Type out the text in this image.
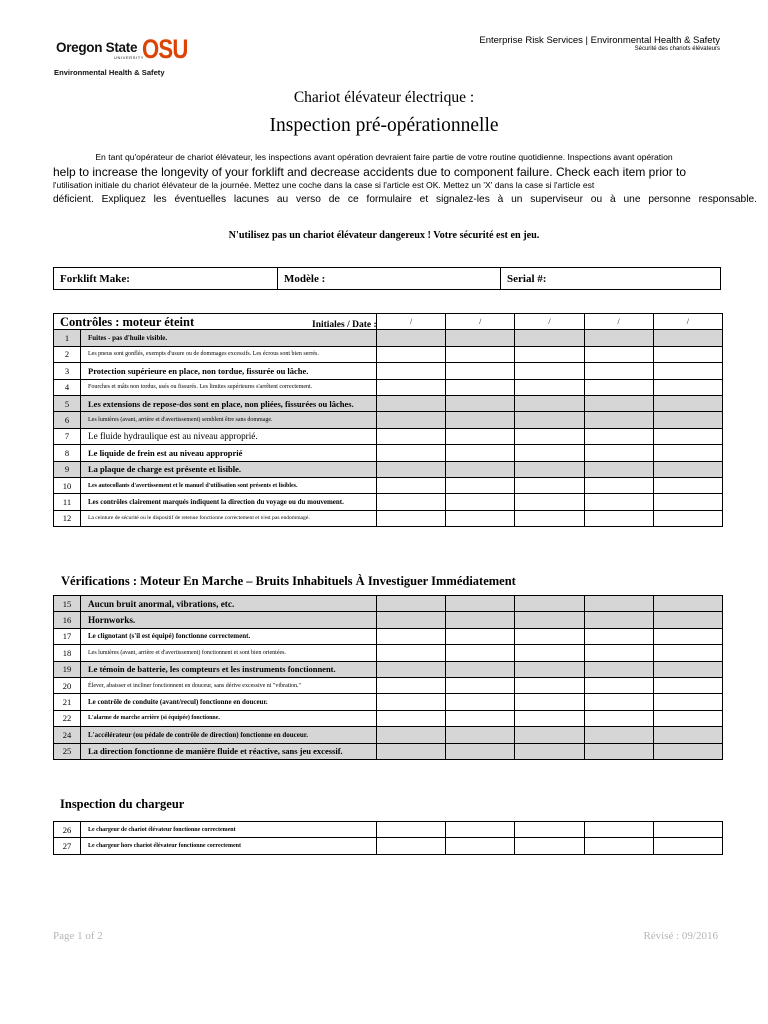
Oregon State
UNIVERSITY
OSU
Environmental Health & Safety
Enterprise Risk Services | Environmental Health & Safety
Sécurité des chariots élévateurs
Chariot élévateur électrique :
Inspection pré-opérationnelle
En tant qu'opérateur de chariot élévateur, les inspections avant opération devraient faire partie de votre routine quotidienne. Inspections avant opération
help to increase the longevity of your forklift and decrease accidents due to component failure. Check each item prior to
l'utilisation initiale du chariot élévateur de la journée. Mettez une coche dans la case si l'article est OK. Mettez un 'X' dans la case si l'article est
déficient. Expliquez les éventuelles lacunes au verso de ce formulaire et signalez-les à un superviseur ou à une personne responsable.
N'utilisez pas un chariot élévateur dangereux ! Votre sécurité est en jeu.
Forklift Make:	Modèle :	Serial #:
Contrôles : moteur éteint	Initiales / Date :
			/	/	/	/	/
1	Fuites - pas d'huile visible.					
2	Les pneus sont gonflés, exempts d'usure ou de dommages excessifs. Les écrous sont bien serrés.					
3	Protection supérieure en place, non tordue, fissurée ou lâche.					
4	Fourches et mâts non tordus, usés ou fissurés. Les limites supérieures s'arrêtent correctement.					
5	Les extensions de repose-dos sont en place, non pliées, fissurées ou lâches.					
6	Les lumières (avant, arrière et d'avertissement) semblent être sans dommage.					
7	Le fluide hydraulique est au niveau approprié.					
8	Le liquide de frein est au niveau approprié					
9	La plaque de charge est présente et lisible.					
10	Les autocollants d'avertissement et le manuel d'utilisation sont présents et lisibles.					
11	Les contrôles clairement marqués indiquent la direction du voyage ou du mouvement.					
12	La ceinture de sécurité ou le dispositif de retenue fonctionne correctement et n'est pas endommagé.					
Vérifications : Moteur En Marche – Bruits Inhabituels À Investiguer Immédiatement
15	Aucun bruit anormal, vibrations, etc.					
16	Hornworks.					
17	Le clignotant (s'il est équipé) fonctionne correctement.					
18	Les lumières (avant, arrière et d'avertissement) fonctionnent et sont bien orientées.					
19	Le témoin de batterie, les compteurs et les instruments fonctionnent.					
20	Élever, abaisser et incliner fonctionnent en douceur, sans dérive excessive ni "vibration."					
21	Le contrôle de conduite (avant/recul) fonctionne en douceur.					
22	L'alarme de marche arrière (si équipée) fonctionne.					
24	L'accélérateur (ou pédale de contrôle de direction) fonctionne en douceur.					
25	La direction fonctionne de manière fluide et réactive, sans jeu excessif.					
Inspection du chargeur
26	Le chargeur de chariot élévateur fonctionne correctement					
27	Le chargeur hors chariot élévateur fonctionne correctement					
Page 1 of 2	Révisé : 09/2016
